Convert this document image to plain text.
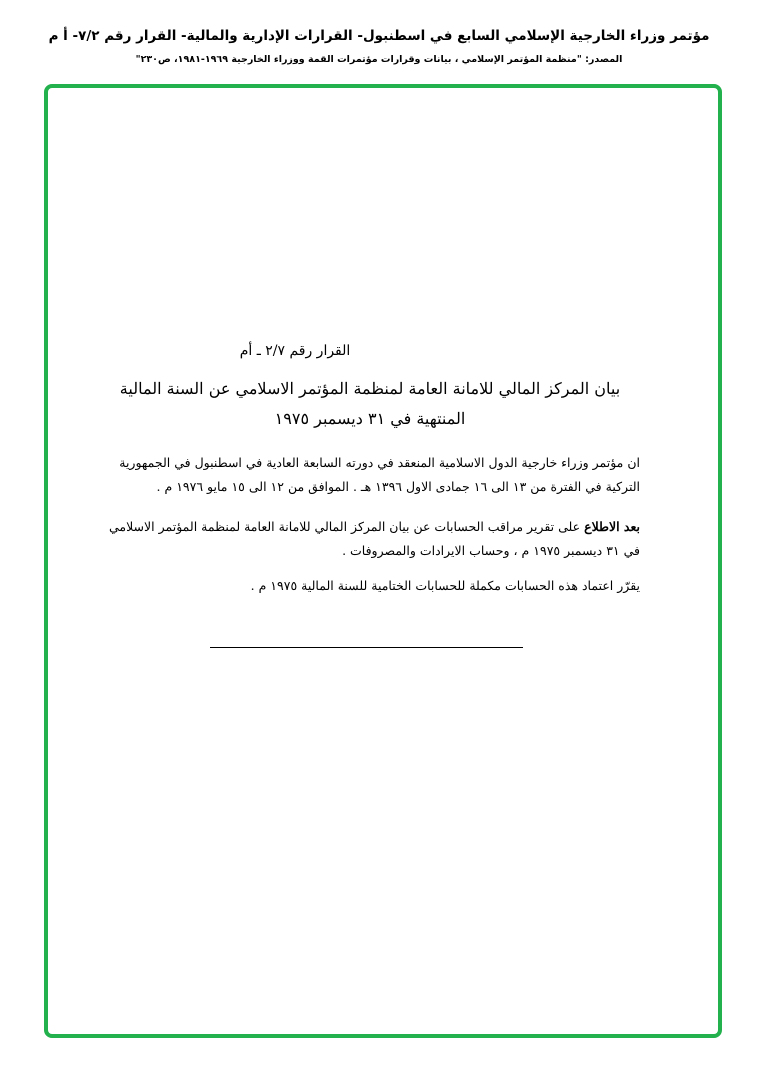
مؤتمر وزراء الخارجية الإسلامي السابع في اسطنبول- القرارات الإدارية والمالية- القرار رقم ٧/٢- أ م
المصدر: "منظمة المؤتمر الإسلامي ، بيانات وقرارات مؤتمرات القمة ووزراء الخارجية ١٩٦٩-١٩٨١، ص٢٣٠"
القرار رقم ٢/٧ ـ أم
بيان المركز المالي للامانة العامة لمنظمة المؤتمر الاسلامي عن السنة المالية
المنتهية في ٣١ ديسمبر ١٩٧٥
ان مؤتمر وزراء خارجية الدول الاسلامية المنعقد في دورته السابعة العادية في اسطنبول في الجمهورية
التركية في الفترة من ١٣ الى ١٦ جمادى الاول ١٣٩٦ هـ . الموافق من ١٢ الى ١٥ مايو ١٩٧٦ م .
بعد الاطلاع على تقرير مراقب الحسابات عن بيان المركز المالي للامانة العامة لمنظمة المؤتمر الاسلامي
في ٣١ ديسمبر ١٩٧٥ م ، وحساب الايرادات والمصروفات .
يقرّر اعتماد هذه الحسابات مكملة للحسابات الختامية للسنة المالية ١٩٧٥ م .
